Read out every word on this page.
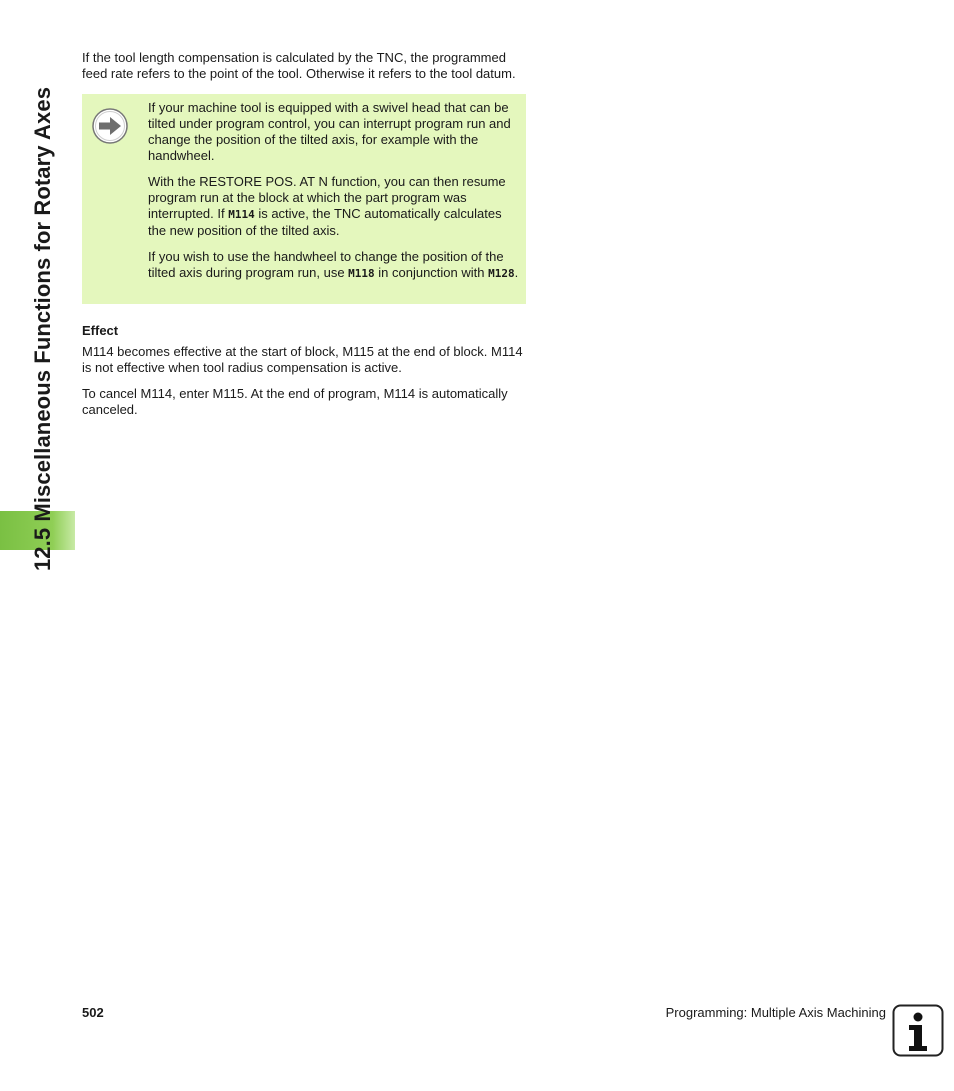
12.5 Miscellaneous Functions for Rotary Axes

If the tool length compensation is calculated by the TNC, the programmed feed rate refers to the point of the tool. Otherwise it refers to the tool datum.

If your machine tool is equipped with a swivel head that can be tilted under program control, you can interrupt program run and change the position of the tilted axis, for example with the handwheel.

With the RESTORE POS. AT N function, you can then resume program run at the block at which the part program was interrupted. If M114 is active, the TNC automatically calculates the new position of the tilted axis.

If you wish to use the handwheel to change the position of the tilted axis during program run, use M118 in conjunction with M128.

Effect

M114 becomes effective at the start of block, M115 at the end of block. M114 is not effective when tool radius compensation is active.

To cancel M114, enter M115. At the end of program, M114 is automatically canceled.

502	Programming: Multiple Axis Machining
